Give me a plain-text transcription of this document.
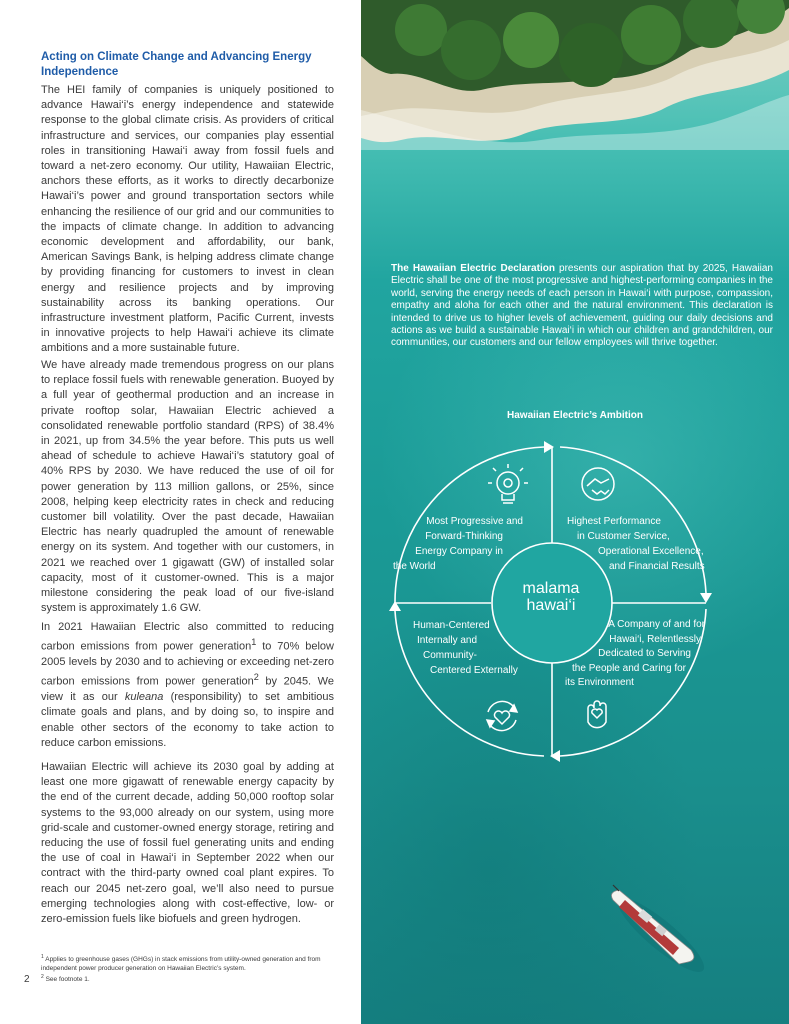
Acting on Climate Change and Advancing Energy Independence

The HEI family of companies is uniquely positioned to advance Hawai‘i’s energy independence and statewide response to the global climate crisis. As providers of critical infrastructure and services, our companies play essential roles in transitioning Hawai‘i away from fossil fuels and toward a net-zero economy. Our utility, Hawaiian Electric, anchors these efforts, as it works to directly decarbonize Hawai‘i’s power and ground transportation sectors while enhancing the resilience of our grid and our communities to the impacts of climate change. In addition to advancing economic development and affordability, our bank, American Savings Bank, is helping address climate change by providing financing for customers to invest in clean energy and resilience projects and by improving sustainability across its banking operations. Our infrastructure investment platform, Pacific Current, invests in innovative projects to help Hawai‘i achieve its climate ambitions and a more sustainable future.

We have already made tremendous progress on our plans to replace fossil fuels with renewable generation. Buoyed by a full year of geothermal production and an increase in private rooftop solar, Hawaiian Electric achieved a consolidated renewable portfolio standard (RPS) of 38.4% in 2021, up from 34.5% the year before. This puts us well ahead of schedule to achieve Hawai‘i’s statutory goal of 40% RPS by 2030. We have reduced the use of oil for power generation by 113 million gallons, or 25%, since 2008, helping keep electricity rates in check and reducing customer bill volatility. Over the past decade, Hawaiian Electric has nearly quadrupled the amount of renewable energy on its system. And together with our customers, in 2021 we reached over 1 gigawatt (GW) of installed solar capacity, most of it customer-owned. This is a major milestone considering the peak load of our five-island system is approximately 1.6 GW.

In 2021 Hawaiian Electric also committed to reducing carbon emissions from power generation$^1$ to 70% below 2005 levels by 2030 and to achieving or exceeding net-zero carbon emissions from power generation$^2$ by 2045. We view it as our kuleana (responsibility) to set ambitious climate goals and plans, and by doing so, to inspire and enable other sectors of the economy to take action to reduce carbon emissions.

Hawaiian Electric will achieve its 2030 goal by adding at least one more gigawatt of renewable energy capacity by the end of the current decade, adding 50,000 rooftop solar systems to the 93,000 already on our system, using more grid-scale and customer-owned energy storage, retiring and reducing the use of fossil fuel generating units and ending the use of coal in Hawai‘i in September 2022 when our contract with the third-party owned coal plant expires. To reach our 2045 net-zero goal, we’ll also need to pursue emerging technologies along with cost-effective, low- or zero-emission fuels like biofuels and green hydrogen.

$^1$ Applies to greenhouse gases (GHGs) in stack emissions from utility-owned generation and from independent power producer generation on Hawaiian Electric’s system.
$^2$ See footnote 1.
2

The Hawaiian Electric Declaration presents our aspiration that by 2025, Hawaiian Electric shall be one of the most progressive and highest-performing companies in the world, serving the energy needs of each person in Hawai‘i with purpose, compassion, empathy and aloha for each other and the natural environment. This declaration is intended to drive us to higher levels of achievement, guiding our daily decisions and actions as we build a sustainable Hawai‘i in which our children and grandchildren, our communities, our customers and our fellow employees will thrive together.

Hawaiian Electric’s Ambition
Most Progressive and
Forward-Thinking
Energy Company in
the World
Highest Performance
in Customer Service,
Operational Excellence,
and Financial Results
malama
hawai‘i
Human-Centered
Internally and
Community-
Centered Externally
A Company of and for
Hawai‘i, Relentlessly
Dedicated to Serving
the People and Caring for
its Environment
